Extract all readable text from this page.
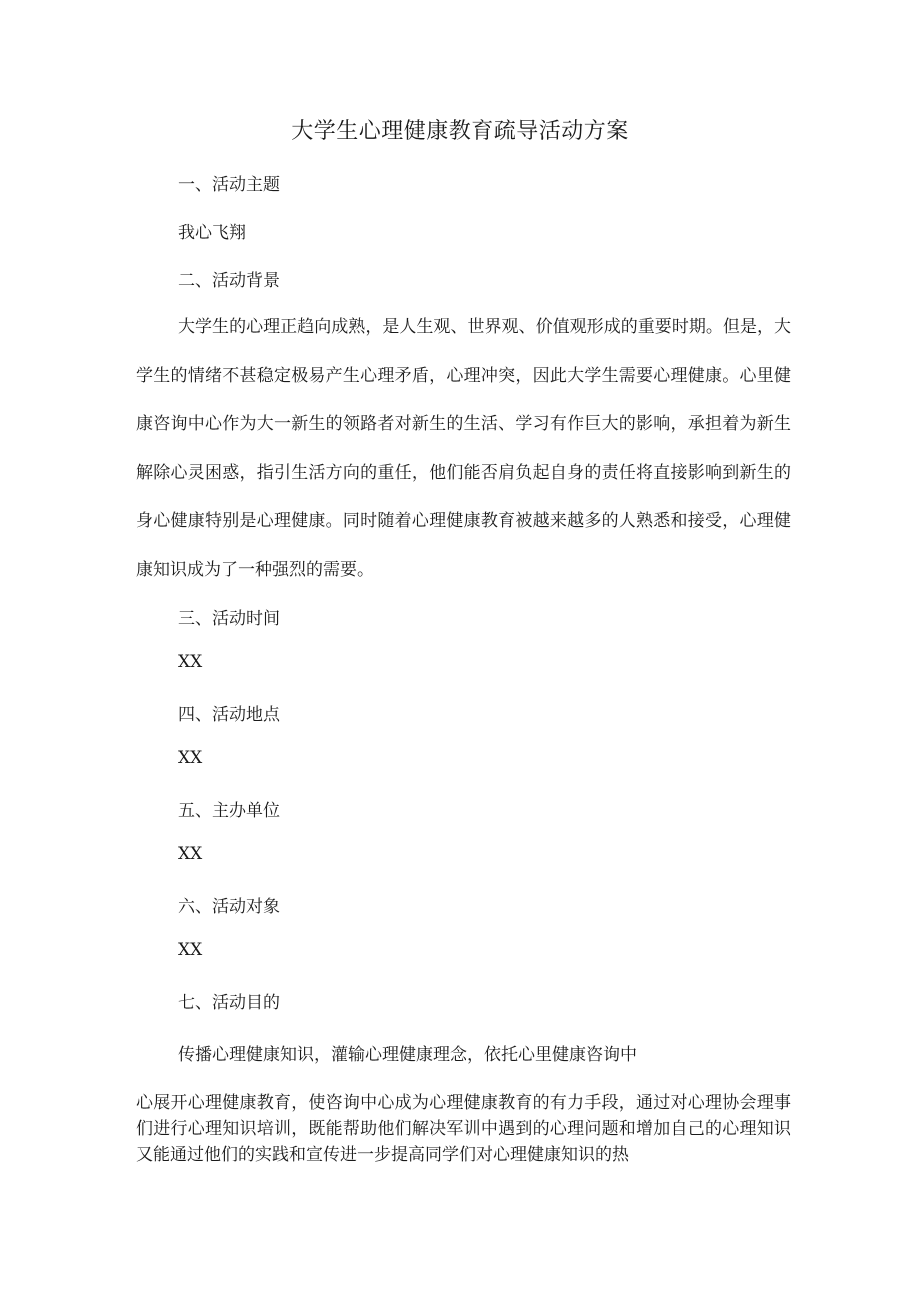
大学生心理健康教育疏导活动方案
一、活动主题
我心飞翔
二、活动背景

大学生的心理正趋向成熟，是人生观、世界观、价值观形成的重要时期。但是，大学生的情绪不甚稳定极易产生心理矛盾，心理冲突，因此大学生需要心理健康。心里健康咨询中心作为大一新生的领路者对新生的生活、学习有作巨大的影响，承担着为新生解除心灵困惑，指引生活方向的重任，他们能否肩负起自身的责任将直接影响到新生的身心健康特别是心理健康。同时随着心理健康教育被越来越多的人熟悉和接受，心理健康知识成为了一种强烈的需要。

三、活动时间
XX
四、活动地点
XX
五、主办单位
XX
六、活动对象
XX
七、活动目的
传播心理健康知识，灌输心理健康理念，依托心里健康咨询中

心展开心理健康教育，使咨询中心成为心理健康教育的有力手段，通过对心理协会理事们进行心理知识培训，既能帮助他们解决军训中遇到的心理问题和增加自己的心理知识又能通过他们的实践和宣传进一步提高同学们对心理健康知识的热
